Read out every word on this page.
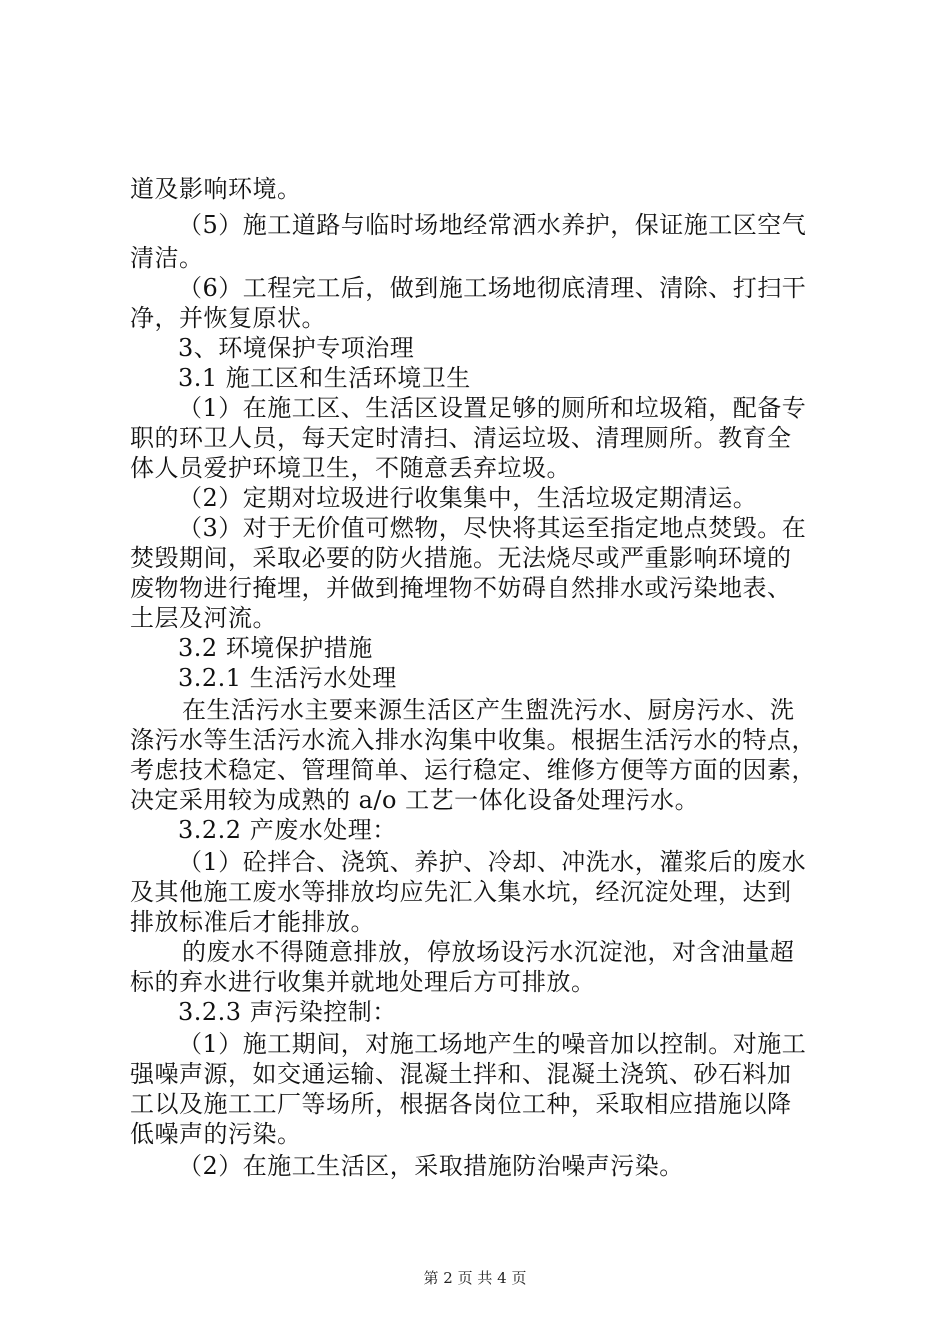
道及影响环境。
（5）施工道路与临时场地经常洒水养护，保证施工区空气
清洁。
（6）工程完工后，做到施工场地彻底清理、清除、打扫干
净，并恢复原状。
3、环境保护专项治理
3.1 施工区和生活环境卫生
（1）在施工区、生活区设置足够的厕所和垃圾箱，配备专
职的环卫人员，每天定时清扫、清运垃圾、清理厕所。教育全
体人员爱护环境卫生，不随意丢弃垃圾。
（2）定期对垃圾进行收集集中，生活垃圾定期清运。
（3）对于无价值可燃物，尽快将其运至指定地点焚毁。在
焚毁期间，采取必要的防火措施。无法烧尽或严重影响环境的
废物物进行掩埋，并做到掩埋物不妨碍自然排水或污染地表、
土层及河流。
3.2 环境保护措施
3.2.1 生活污水处理
在生活污水主要来源生活区产生盥洗污水、厨房污水、洗
涤污水等生活污水流入排水沟集中收集。根据生活污水的特点，
考虑技术稳定、管理简单、运行稳定、维修方便等方面的因素，
决定采用较为成熟的 a/o 工艺一体化设备处理污水。
3.2.2 产废水处理：
（1）砼拌合、浇筑、养护、冷却、冲洗水，灌浆后的废水
及其他施工废水等排放均应先汇入集水坑，经沉淀处理，达到
排放标准后才能排放。
的废水不得随意排放，停放场设污水沉淀池，对含油量超
标的弃水进行收集并就地处理后方可排放。
3.2.3 声污染控制：
（1）施工期间，对施工场地产生的噪音加以控制。对施工
强噪声源，如交通运输、混凝土拌和、混凝土浇筑、砂石料加
工以及施工工厂等场所，根据各岗位工种，采取相应措施以降
低噪声的污染。
（2）在施工生活区，采取措施防治噪声污染。
第 2 页 共 4 页
